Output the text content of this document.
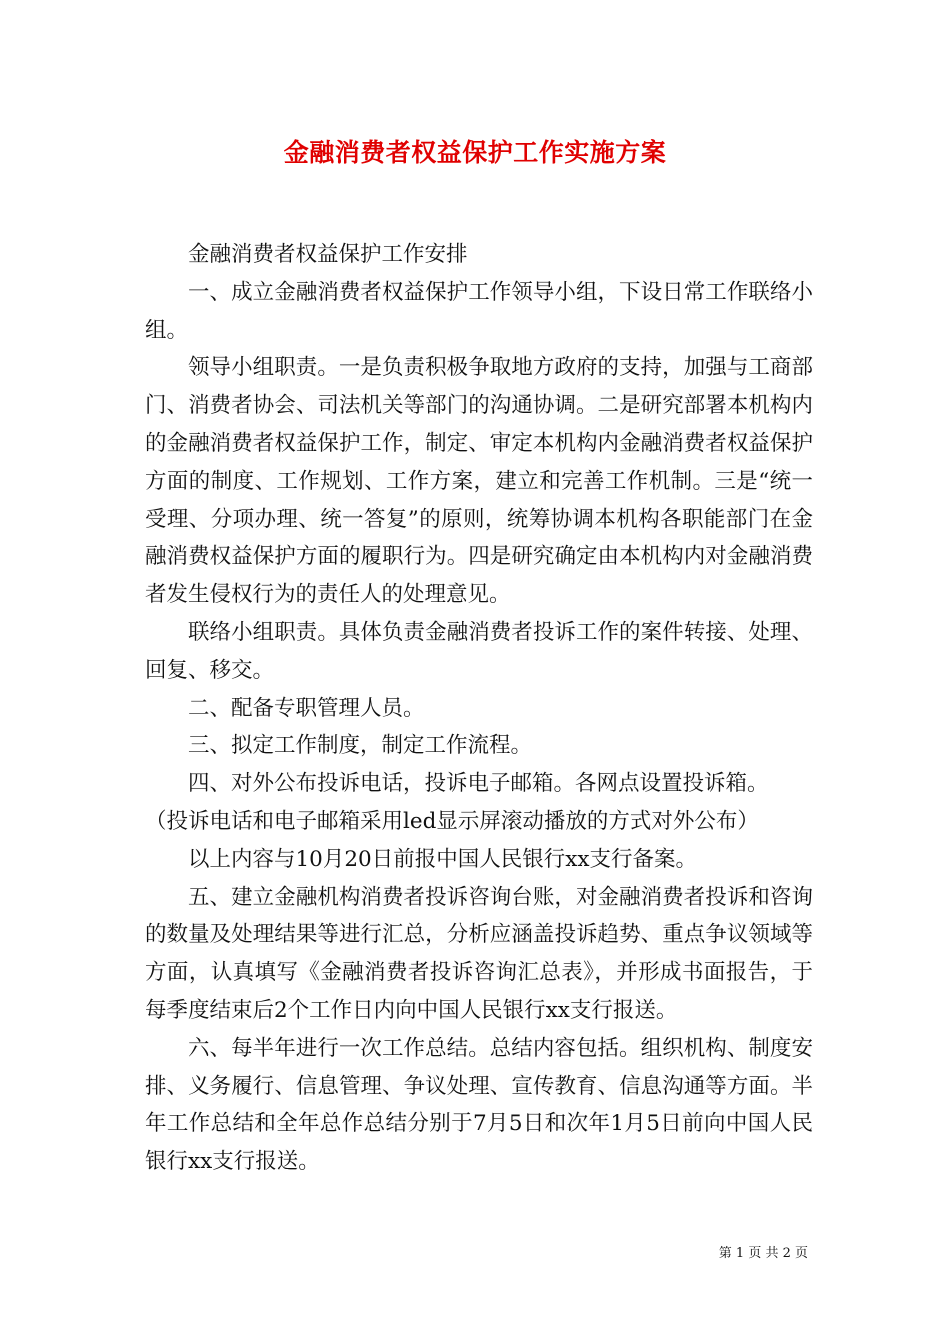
金融消费者权益保护工作实施方案

金融消费者权益保护工作安排

一、成立金融消费者权益保护工作领导小组，下设日常工作联络小组。

领导小组职责。一是负责积极争取地方政府的支持，加强与工商部门、消费者协会、司法机关等部门的沟通协调。二是研究部署本机构内的金融消费者权益保护工作，制定、审定本机构内金融消费者权益保护方面的制度、工作规划、工作方案，建立和完善工作机制。三是“统一受理、分项办理、统一答复”的原则，统筹协调本机构各职能部门在金融消费权益保护方面的履职行为。四是研究确定由本机构内对金融消费者发生侵权行为的责任人的处理意见。

联络小组职责。具体负责金融消费者投诉工作的案件转接、处理、回复、移交。

二、配备专职管理人员。

三、拟定工作制度，制定工作流程。

四、对外公布投诉电话，投诉电子邮箱。各网点设置投诉箱。

（投诉电话和电子邮箱采用led显示屏滚动播放的方式对外公布）

以上内容与10月20日前报中国人民银行xx支行备案。

五、建立金融机构消费者投诉咨询台账，对金融消费者投诉和咨询的数量及处理结果等进行汇总，分析应涵盖投诉趋势、重点争议领域等方面，认真填写《金融消费者投诉咨询汇总表》，并形成书面报告，于每季度结束后2个工作日内向中国人民银行xx支行报送。

六、每半年进行一次工作总结。总结内容包括。组织机构、制度安排、义务履行、信息管理、争议处理、宣传教育、信息沟通等方面。半年工作总结和全年总作总结分别于7月5日和次年1月5日前向中国人民银行xx支行报送。

第 1 页 共 2 页
